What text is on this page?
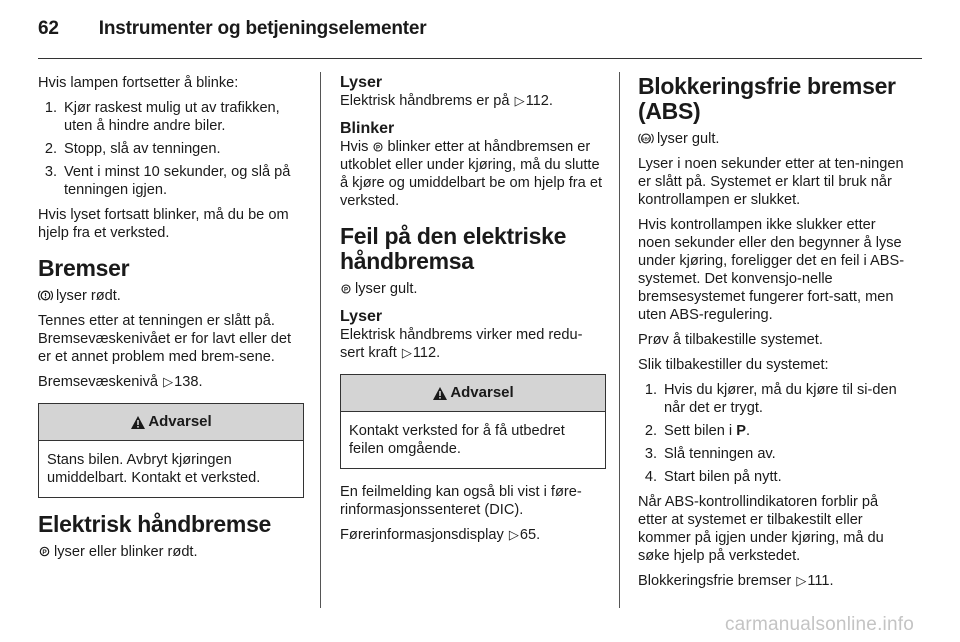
62 Instrumenter og betjeningselementer

Hvis lampen fortsetter å blinke:

1. Kjør raskest mulig ut av trafikken, uten å hindre andre biler.
2. Stopp, slå av tenningen.
3. Vent i minst 10 sekunder, og slå på tenningen igjen.

Hvis lyset fortsatt blinker, må du be om hjelp fra et verksted.

Bremser

lyser rødt.

Tennes etter at tenningen er slått på. Bremsevæskenivået er for lavt eller det er et annet problem med brem-sene.

Bremsevæskenivå ▷138.

Advarsel
Stans bilen. Avbryt kjøringen umiddelbart. Kontakt et verksted.
Elektrisk håndbremse

P lyser eller blinker rødt.

Lyser

Elektrisk håndbrems er på ▷112.

Blinker

Hvis P blinker etter at håndbremsen er utkoblet eller under kjøring, må du slutte å kjøre og umiddelbart be om hjelp fra et verksted.

Feil på den elektriske håndbremsa

P lyser gult.

Lyser

Elektrisk håndbrems virker med redu-sert kraft ▷112.

Advarsel
Kontakt verksted for å få utbedret feilen omgående.

En feilmelding kan også bli vist i føre-rinformasjonssenteret (DIC).

Førerinformasjonsdisplay ▷65.

Blokkeringsfrie bremser (ABS)

ABS lyser gult.

Lyser i noen sekunder etter at ten-ningen er slått på. Systemet er klart til bruk når kontrollampen er slukket.

Hvis kontrollampen ikke slukker etter noen sekunder eller den begynner å lyse under kjøring, foreligger det en feil i ABS-systemet. Det konvensjo-nelle bremsesystemet fungerer fort-satt, men uten ABS-regulering.

Prøv å tilbakestille systemet.

Slik tilbakestiller du systemet:

1. Hvis du kjører, må du kjøre til si-den når det er trygt.
2. Sett bilen i P.
3. Slå tenningen av.
4. Start bilen på nytt.

Når ABS-kontrollindikatoren forblir på etter at systemet er tilbakestilt eller kommer på igjen under kjøring, må du søke hjelp på verkstedet.

Blokkeringsfrie bremser ▷111.

carmanualsonline.info
